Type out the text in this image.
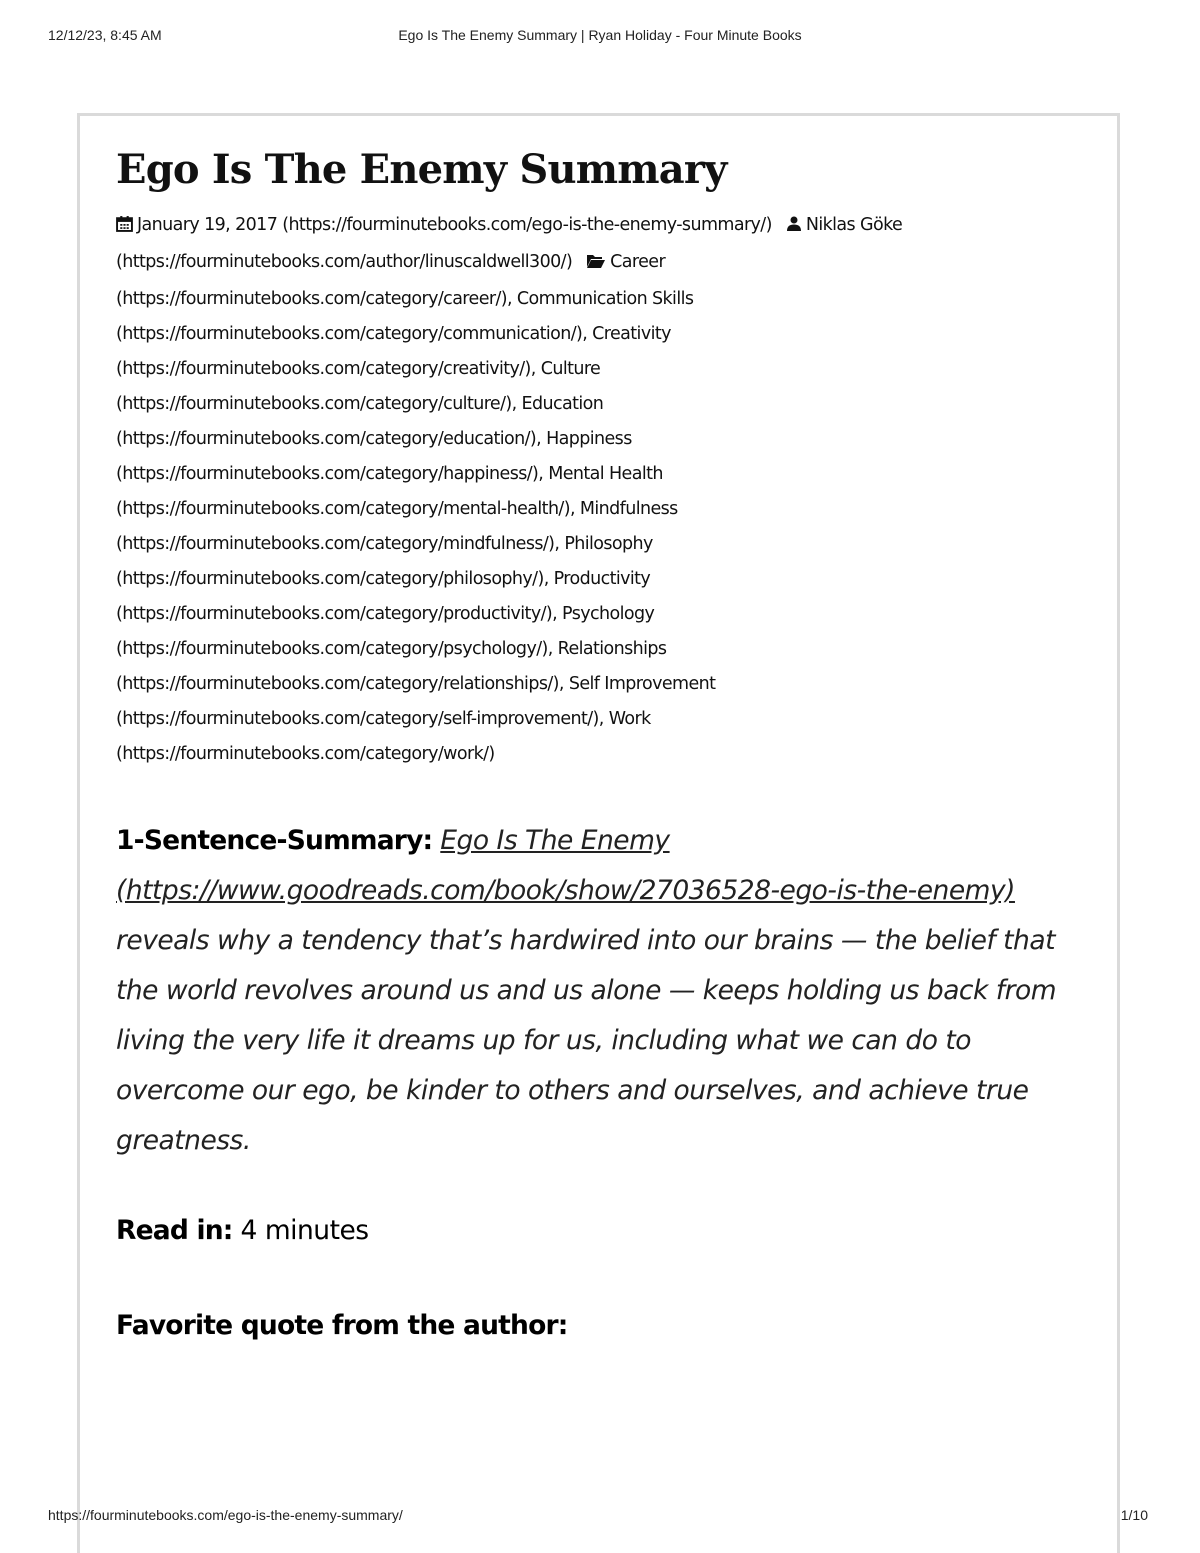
12/12/23, 8:45 AM	Ego Is The Enemy Summary | Ryan Holiday - Four Minute Books
Ego Is The Enemy Summary
January 19, 2017 (https://fourminutebooks.com/ego-is-the-enemy-summary/) Niklas Göke (https://fourminutebooks.com/author/linuscaldwell300/) Career (https://fourminutebooks.com/category/career/), Communication Skills (https://fourminutebooks.com/category/communication/), Creativity (https://fourminutebooks.com/category/creativity/), Culture (https://fourminutebooks.com/category/culture/), Education (https://fourminutebooks.com/category/education/), Happiness (https://fourminutebooks.com/category/happiness/), Mental Health (https://fourminutebooks.com/category/mental-health/), Mindfulness (https://fourminutebooks.com/category/mindfulness/), Philosophy (https://fourminutebooks.com/category/philosophy/), Productivity (https://fourminutebooks.com/category/productivity/), Psychology (https://fourminutebooks.com/category/psychology/), Relationships (https://fourminutebooks.com/category/relationships/), Self Improvement (https://fourminutebooks.com/category/self-improvement/), Work (https://fourminutebooks.com/category/work/)
1-Sentence-Summary: Ego Is The Enemy (https://www.goodreads.com/book/show/27036528-ego-is-the-enemy) reveals why a tendency that’s hardwired into our brains — the belief that the world revolves around us and us alone — keeps holding us back from living the very life it dreams up for us, including what we can do to overcome our ego, be kinder to others and ourselves, and achieve true greatness.
Read in: 4 minutes
Favorite quote from the author:
https://fourminutebooks.com/ego-is-the-enemy-summary/	1/10
